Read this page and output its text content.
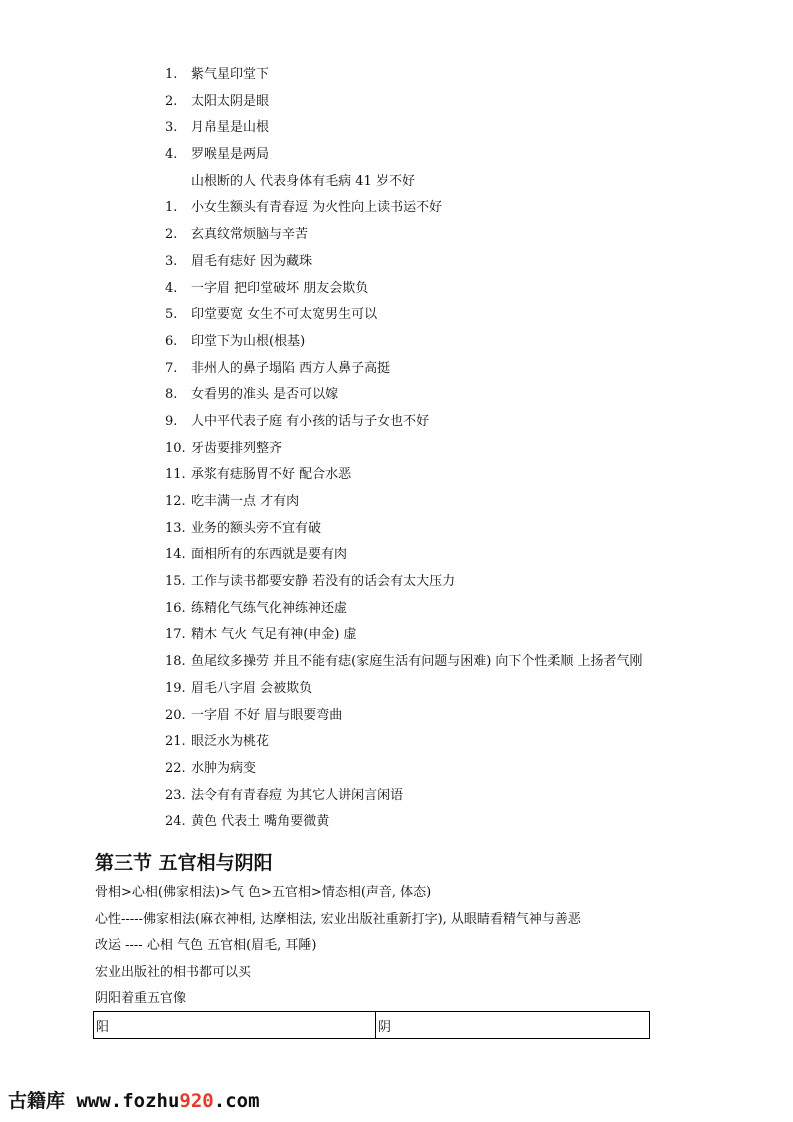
1. 紫气星印堂下
2. 太阳太阴是眼
3. 月帛星是山根
4. 罗喉星是两局
山根断的人 代表身体有毛病 41 岁不好
1. 小女生额头有青春逗 为火性向上读书运不好
2. 玄真纹常烦脑与辛苦
3. 眉毛有痣好 因为藏珠
4. 一字眉 把印堂破坏 朋友会欺负
5. 印堂要宽 女生不可太宽男生可以
6. 印堂下为山根(根基)
7. 非州人的鼻子塌陷 西方人鼻子高挺
8. 女看男的准头 是否可以嫁
9. 人中平代表子庭 有小孩的话与子女也不好
10. 牙齿要排列整齐
11. 承浆有痣肠胃不好 配合水恶
12. 吃丰满一点 才有肉
13. 业务的额头旁不宜有破
14. 面相所有的东西就是要有肉
15. 工作与读书都要安静 若没有的话会有太大压力
16. 练精化气练气化神练神还虚
17. 精木 气火 气足有神(申金) 虚
18. 鱼尾纹多操劳 并且不能有痣(家庭生活有问题与困难) 向下个性柔顺 上扬者气刚
19. 眉毛八字眉 会被欺负
20. 一字眉 不好 眉与眼要弯曲
21. 眼泛水为桃花
22. 水肿为病变
23. 法令有有青春痘 为其它人讲闲言闲语
24. 黄色 代表土 嘴角要微黄
第三节 五官相与阴阳
骨相>心相(佛家相法)>气 色>五官相>情态相(声音, 体态)
心性-----佛家相法(麻衣神相, 达摩相法, 宏业出版社重新打字), 从眼睛看精气神与善恶
改运 ---- 心相 气色 五官相(眉毛, 耳陲)
宏业出版社的相书都可以买
阴阳着重五官像
阳	阴
古籍库 www.fozhu920.com
